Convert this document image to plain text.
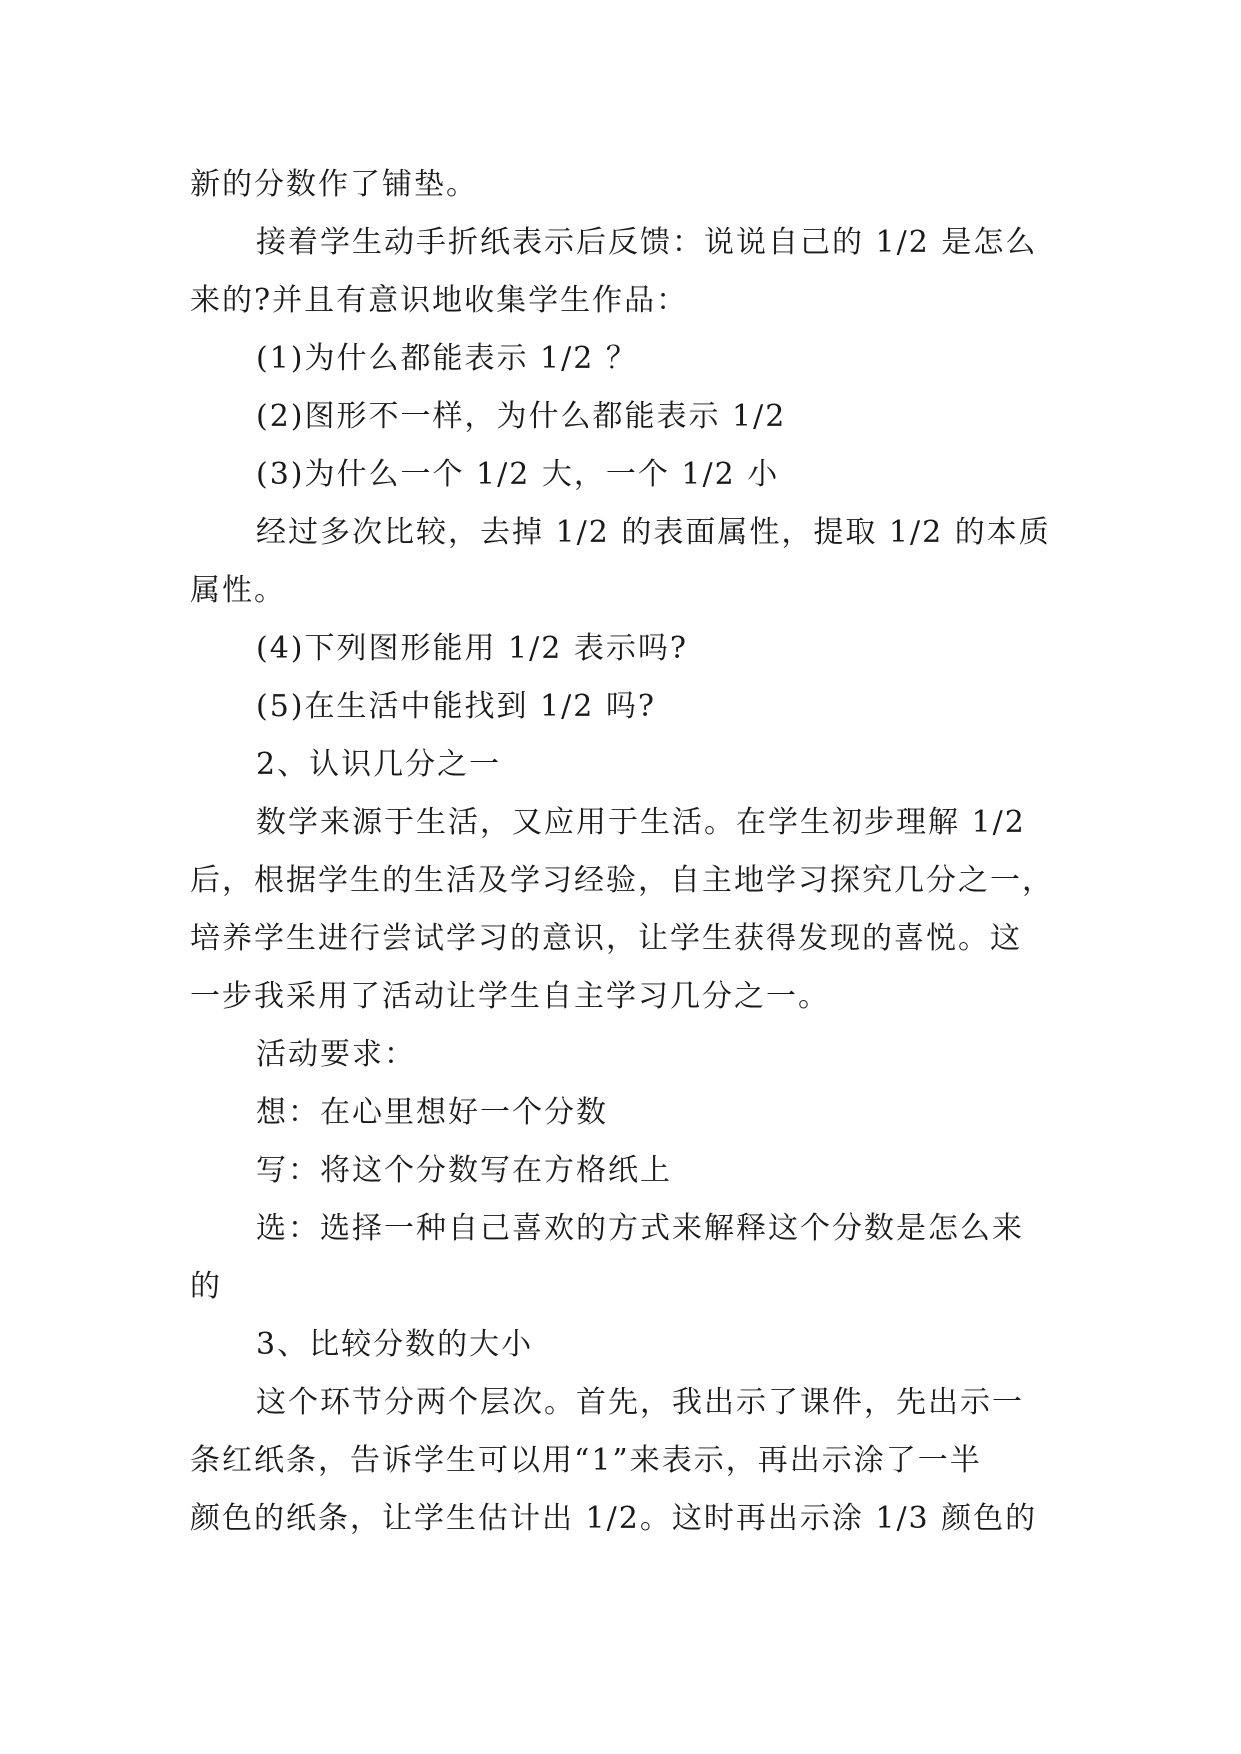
新的分数作了铺垫。
接着学生动手折纸表示后反馈：说说自己的 1/2 是怎么
来的?并且有意识地收集学生作品：
(1)为什么都能表示 1/2 ？
(2)图形不一样，为什么都能表示 1/2
(3)为什么一个 1/2 大，一个 1/2 小
经过多次比较，去掉 1/2 的表面属性，提取 1/2 的本质
属性。
(4)下列图形能用 1/2 表示吗?
(5)在生活中能找到 1/2 吗?
2、认识几分之一
数学来源于生活，又应用于生活。在学生初步理解 1/2
后，根据学生的生活及学习经验，自主地学习探究几分之一，
培养学生进行尝试学习的意识，让学生获得发现的喜悦。这
一步我采用了活动让学生自主学习几分之一。
活动要求：
想：在心里想好一个分数
写：将这个分数写在方格纸上
选：选择一种自己喜欢的方式来解释这个分数是怎么来
的
3、比较分数的大小
这个环节分两个层次。首先，我出示了课件，先出示一
条红纸条，告诉学生可以用“1”来表示，再出示涂了一半
颜色的纸条，让学生估计出 1/2。这时再出示涂 1/3 颜色的
